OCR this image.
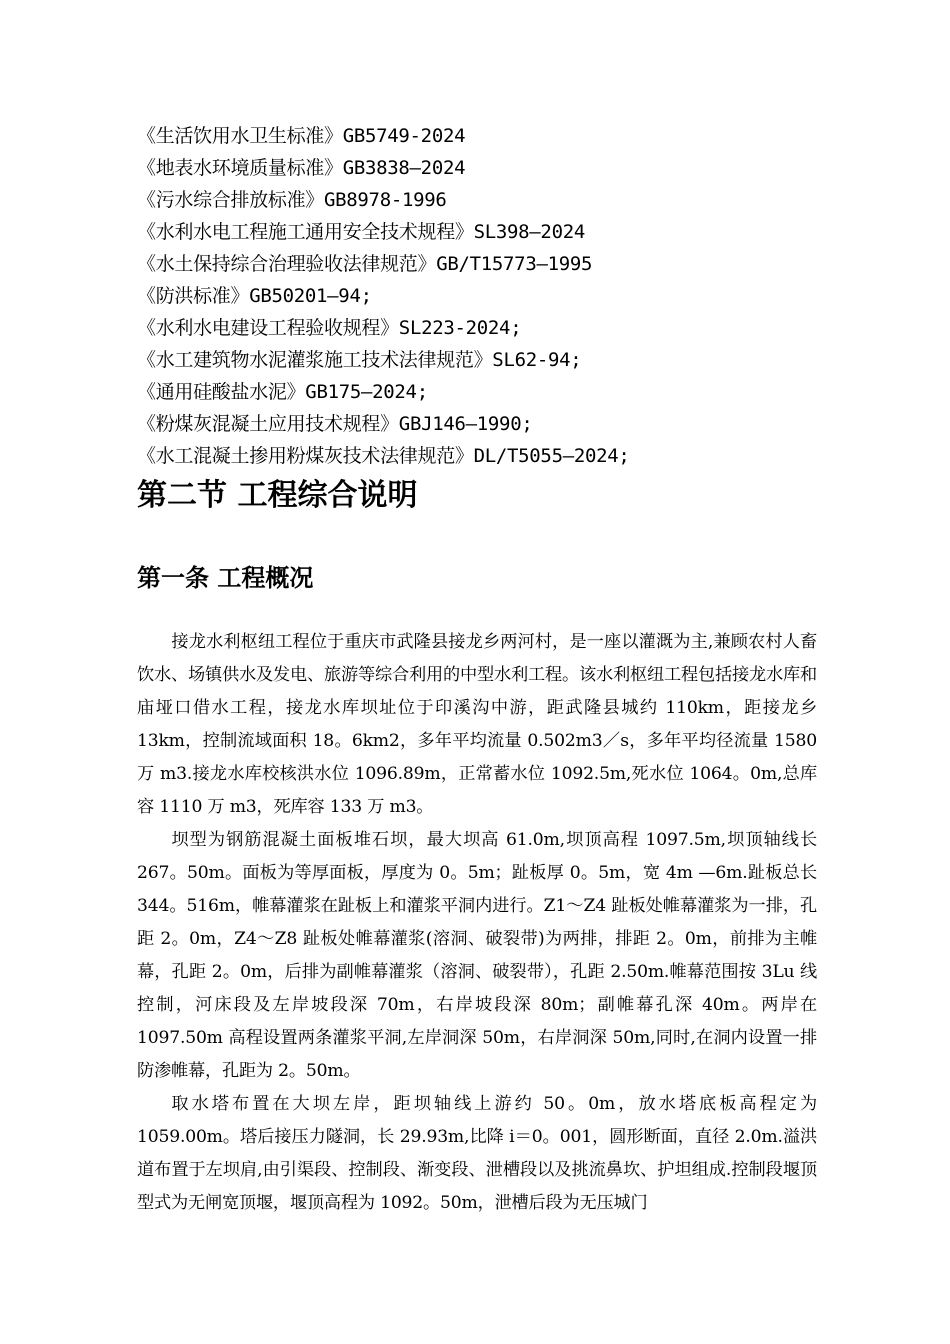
《生活饮用水卫生标准》GB5749-2024
《地表水环境质量标准》GB3838—2024
《污水综合排放标准》GB8978-1996
《水利水电工程施工通用安全技术规程》SL398—2024
《水土保持综合治理验收法律规范》GB/T15773—1995
《防洪标准》GB50201—94;
《水利水电建设工程验收规程》SL223-2024;
《水工建筑物水泥灌浆施工技术法律规范》SL62-94;
《通用硅酸盐水泥》GB175—2024;
《粉煤灰混凝土应用技术规程》GBJ146—1990;
《水工混凝土掺用粉煤灰技术法律规范》DL/T5055—2024;
第二节 工程综合说明
第一条 工程概况

接龙水利枢纽工程位于重庆市武隆县接龙乡两河村，是一座以灌溉为主,兼顾农村人畜饮水、场镇供水及发电、旅游等综合利用的中型水利工程。该水利枢纽工程包括接龙水库和庙垭口借水工程，接龙水库坝址位于印溪沟中游，距武隆县城约 110km，距接龙乡 13km，控制流域面积 18。6km2，多年平均流量 0.502m3／s，多年平均径流量 1580 万 m3.接龙水库校核洪水位 1096.89m，正常蓄水位 1092.5m,死水位 1064。0m,总库容 1110 万 m3，死库容 133 万 m3。

坝型为钢筋混凝土面板堆石坝，最大坝高 61.0m,坝顶高程 1097.5m,坝顶轴线长 267。50m。面板为等厚面板，厚度为 0。5m；趾板厚 0。5m，宽 4m —6m.趾板总长 344。516m，帷幕灌浆在趾板上和灌浆平洞内进行。Z1～Z4 趾板处帷幕灌浆为一排，孔距 2。0m，Z4～Z8 趾板处帷幕灌浆(溶洞、破裂带)为两排，排距 2。0m，前排为主帷幕，孔距 2。0m，后排为副帷幕灌浆（溶洞、破裂带），孔距 2.50m.帷幕范围按 3Lu 线控制，河床段及左岸坡段深 70m，右岸坡段深 80m；副帷幕孔深 40m。两岸在 1097.50m 高程设置两条灌浆平洞,左岸洞深 50m，右岸洞深 50m,同时,在洞内设置一排防渗帷幕，孔距为 2。50m。

取水塔布置在大坝左岸，距坝轴线上游约 50。0m，放水塔底板高程定为 1059.00m。塔后接压力隧洞，长 29.93m,比降 i＝0。001，圆形断面，直径 2.0m.溢洪道布置于左坝肩,由引渠段、控制段、渐变段、泄槽段以及挑流鼻坎、护坦组成.控制段堰顶型式为无闸宽顶堰，堰顶高程为 1092。50m，泄槽后段为无压城门
